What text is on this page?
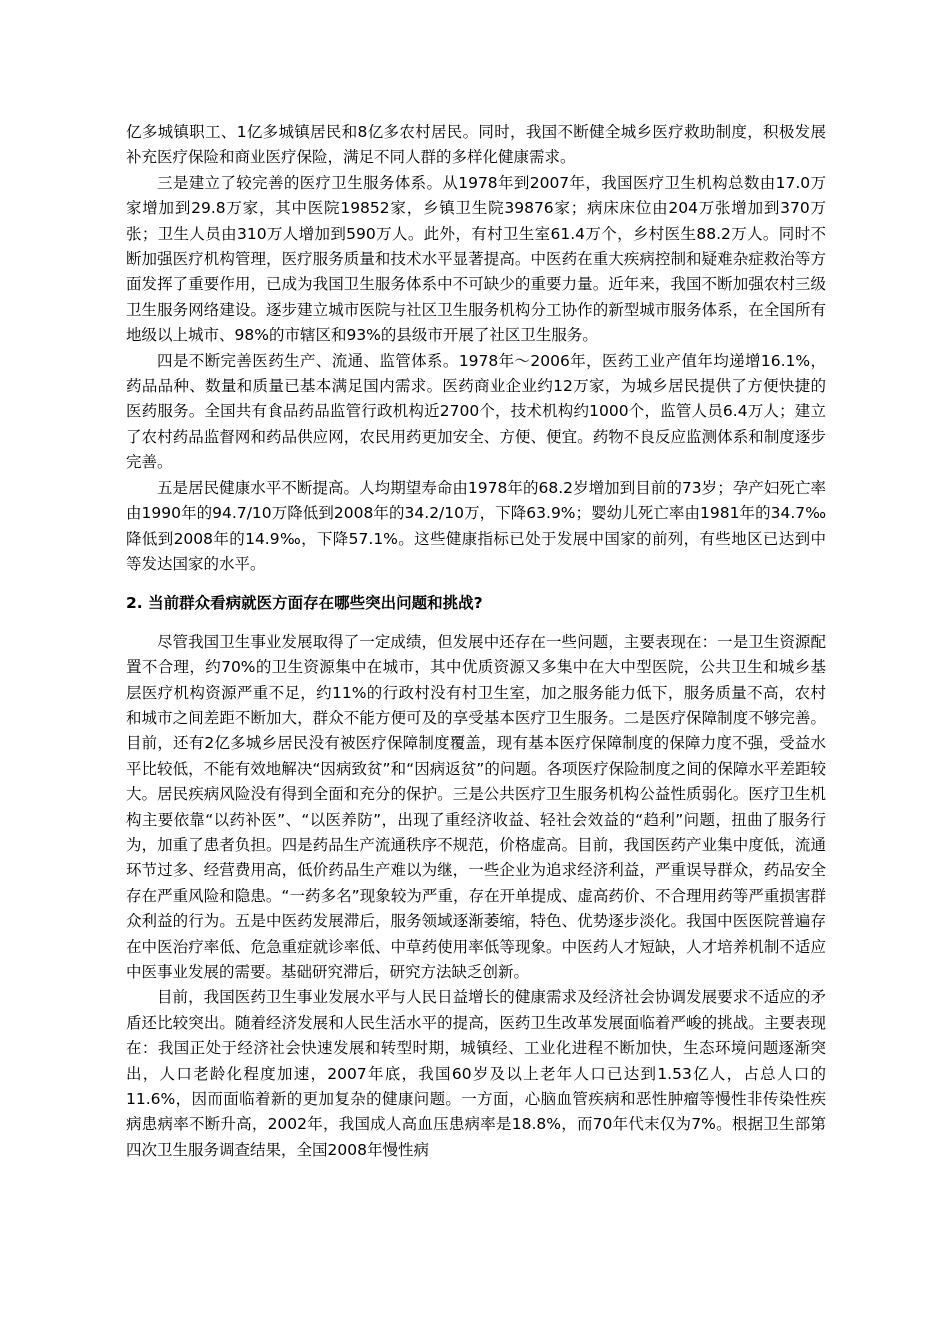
亿多城镇职工、1亿多城镇居民和8亿多农村居民。同时，我国不断健全城乡医疗救助制度，积极发展补充医疗保险和商业医疗保险，满足不同人群的多样化健康需求。

三是建立了较完善的医疗卫生服务体系。从1978年到2007年，我国医疗卫生机构总数由17.0万家增加到29.8万家，其中医院19852家，乡镇卫生院39876家；病床床位由204万张增加到370万张；卫生人员由310万人增加到590万人。此外，有村卫生室61.4万个，乡村医生88.2万人。同时不断加强医疗机构管理，医疗服务质量和技术水平显著提高。中医药在重大疾病控制和疑难杂症救治等方面发挥了重要作用，已成为我国卫生服务体系中不可缺少的重要力量。近年来，我国不断加强农村三级卫生服务网络建设。逐步建立城市医院与社区卫生服务机构分工协作的新型城市服务体系，在全国所有地级以上城市、98%的市辖区和93%的县级市开展了社区卫生服务。

四是不断完善医药生产、流通、监管体系。1978年～2006年，医药工业产值年均递增16.1%，药品品种、数量和质量已基本满足国内需求。医药商业企业约12万家，为城乡居民提供了方便快捷的医药服务。全国共有食品药品监管行政机构近2700个，技术机构约1000个，监管人员6.4万人；建立了农村药品监督网和药品供应网，农民用药更加安全、方便、便宜。药物不良反应监测体系和制度逐步完善。

五是居民健康水平不断提高。人均期望寿命由1978年的68.2岁增加到目前的73岁；孕产妇死亡率由1990年的94.7/10万降低到2008年的34.2/10万，下降63.9%；婴幼儿死亡率由1981年的34.7‰降低到2008年的14.9‰，下降57.1%。这些健康指标已处于发展中国家的前列，有些地区已达到中等发达国家的水平。

2. 当前群众看病就医方面存在哪些突出问题和挑战?

尽管我国卫生事业发展取得了一定成绩，但发展中还存在一些问题，主要表现在：一是卫生资源配置不合理，约70%的卫生资源集中在城市，其中优质资源又多集中在大中型医院，公共卫生和城乡基层医疗机构资源严重不足，约11%的行政村没有村卫生室，加之服务能力低下，服务质量不高，农村和城市之间差距不断加大，群众不能方便可及的享受基本医疗卫生服务。二是医疗保障制度不够完善。目前，还有2亿多城乡居民没有被医疗保障制度覆盖，现有基本医疗保障制度的保障力度不强，受益水平比较低，不能有效地解决“因病致贫”和“因病返贫”的问题。各项医疗保险制度之间的保障水平差距较大。居民疾病风险没有得到全面和充分的保护。三是公共医疗卫生服务机构公益性质弱化。医疗卫生机构主要依靠“以药补医”、“以医养防”，出现了重经济收益、轻社会效益的“趋利”问题，扭曲了服务行为，加重了患者负担。四是药品生产流通秩序不规范，价格虚高。目前，我国医药产业集中度低，流通环节过多、经营费用高，低价药品生产难以为继，一些企业为追求经济利益，严重误导群众，药品安全存在严重风险和隐患。“一药多名”现象较为严重，存在开单提成、虚高药价、不合理用药等严重损害群众利益的行为。五是中医药发展滞后，服务领域逐渐萎缩，特色、优势逐步淡化。我国中医医院普遍存在中医治疗率低、危急重症就诊率低、中草药使用率低等现象。中医药人才短缺，人才培养机制不适应中医事业发展的需要。基础研究滞后，研究方法缺乏创新。

目前，我国医药卫生事业发展水平与人民日益增长的健康需求及经济社会协调发展要求不适应的矛盾还比较突出。随着经济发展和人民生活水平的提高，医药卫生改革发展面临着严峻的挑战。主要表现在：我国正处于经济社会快速发展和转型时期，城镇经、工业化进程不断加快，生态环境问题逐渐突出，人口老龄化程度加速，2007年底，我国60岁及以上老年人口已达到1.53亿人，占总人口的11.6%，因而面临着新的更加复杂的健康问题。一方面，心脑血管疾病和恶性肿瘤等慢性非传染性疾病患病率不断升高，2002年，我国成人高血压患病率是18.8%，而70年代末仅为7%。根据卫生部第四次卫生服务调查结果，全国2008年慢性病
